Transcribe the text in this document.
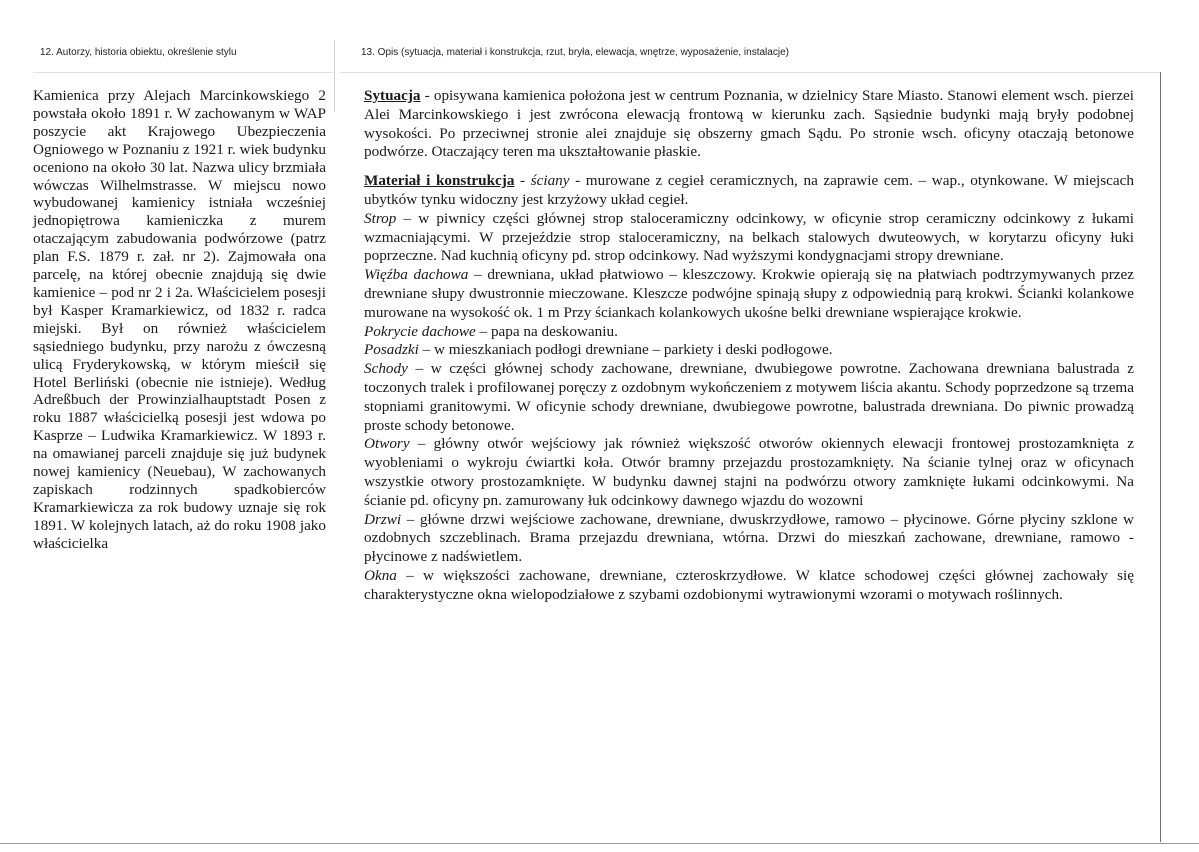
12. Autorzy, historia obiektu, określenie stylu	13. Opis (sytuacja, materiał i konstrukcja, rzut, bryła, elewacja, wnętrze, wyposażenie, instalacje)

Kamienica przy Alejach Marcinkowskiego 2 powstała około 1891 r. W zachowanym w WAP poszycie akt Krajowego Ubezpieczenia Ogniowego w Poznaniu z 1921 r. wiek budynku oceniono na około 30 lat. Nazwa ulicy brzmiała wówczas Wilhelmstrasse. W miejscu nowo wybudowanej kamienicy istniała wcześniej jednopiętrowa kamieniczka z murem otaczającym zabudowania podwórzowe (patrz plan F.S. 1879 r. zał. nr 2). Zajmowała ona parcelę, na której obecnie znajdują się dwie kamienice – pod nr 2 i 2a. Właścicielem posesji był Kasper Kramarkiewicz, od 1832 r. radca miejski. Był on również właścicielem sąsiedniego budynku, przy narożu z ówczesną ulicą Fryderykowską, w którym mieścił się Hotel Berliński (obecnie nie istnieje). Według Adreßbuch der Prowinzialhauptstadt Posen z roku 1887 właścicielką posesji jest wdowa po Kasprze – Ludwika Kramarkiewicz. W 1893 r. na omawianej parceli znajduje się już budynek nowej kamienicy (Neuebau), W zachowanych zapiskach rodzinnych spadkobierców Kramarkiewicza za rok budowy uznaje się rok 1891. W kolejnych latach, aż do roku 1908 jako właścicielka

Sytuacja - opisywana kamienica położona jest w centrum Poznania, w dzielnicy Stare Miasto. Stanowi element wsch. pierzei Alei Marcinkowskiego i jest zwrócona elewacją frontową w kierunku zach. Sąsiednie budynki mają bryły podobnej wysokości. Po przeciwnej stronie alei znajduje się obszerny gmach Sądu. Po stronie wsch. oficyny otaczają betonowe podwórze. Otaczający teren ma ukształtowanie płaskie.

Materiał i konstrukcja - ściany - murowane z cegieł ceramicznych, na zaprawie cem. – wap., otynkowane. W miejscach ubytków tynku widoczny jest krzyżowy układ cegieł.

Strop – w piwnicy części głównej strop staloceramiczny odcinkowy, w oficynie strop ceramiczny odcinkowy z łukami wzmacniającymi. W przejeździe strop staloceramiczny, na belkach stalowych dwuteowych, w korytarzu oficyny łuki poprzeczne. Nad kuchnią oficyny pd. strop odcinkowy. Nad wyższymi kondygnacjami stropy drewniane.

Więźba dachowa – drewniana, układ płatwiowo – kleszczowy. Krokwie opierają się na płatwiach podtrzymywanych przez drewniane słupy dwustronnie mieczowane. Kleszcze podwójne spinają słupy z odpowiednią parą krokwi. Ścianki kolankowe murowane na wysokość ok. 1 m Przy ściankach kolankowych ukośne belki drewniane wspierające krokwie.

Pokrycie dachowe – papa na deskowaniu.

Posadzki – w mieszkaniach podłogi drewniane – parkiety i deski podłogowe.

Schody – w części głównej schody zachowane, drewniane, dwubiegowe powrotne. Zachowana drewniana balustrada z toczonych tralek i profilowanej poręczy z ozdobnym wykończeniem z motywem liścia akantu. Schody poprzedzone są trzema stopniami granitowymi. W oficynie schody drewniane, dwubiegowe powrotne, balustrada drewniana. Do piwnic prowadzą proste schody betonowe.

Otwory – główny otwór wejściowy jak również większość otworów okiennych elewacji frontowej prostozamknięta z wyobleniami o wykroju ćwiartki koła. Otwór bramny przejazdu prostozamknięty. Na ścianie tylnej oraz w oficynach wszystkie otwory prostozamknięte. W budynku dawnej stajni na podwórzu otwory zamknięte łukami odcinkowymi. Na ścianie pd. oficyny pn. zamurowany łuk odcinkowy dawnego wjazdu do wozowni

Drzwi – główne drzwi wejściowe zachowane, drewniane, dwuskrzydłowe, ramowo – płycinowe. Górne płyciny szklone w ozdobnych szczeblinach. Brama przejazdu drewniana, wtórna. Drzwi do mieszkań zachowane, drewniane, ramowo - płycinowe z nadświetlem.

Okna – w większości zachowane, drewniane, czteroskrzydłowe. W klatce schodowej części głównej zachowały się charakterystyczne okna wielopodziałowe z szybami ozdobionymi wytrawionymi wzorami o motywach roślinnych.
